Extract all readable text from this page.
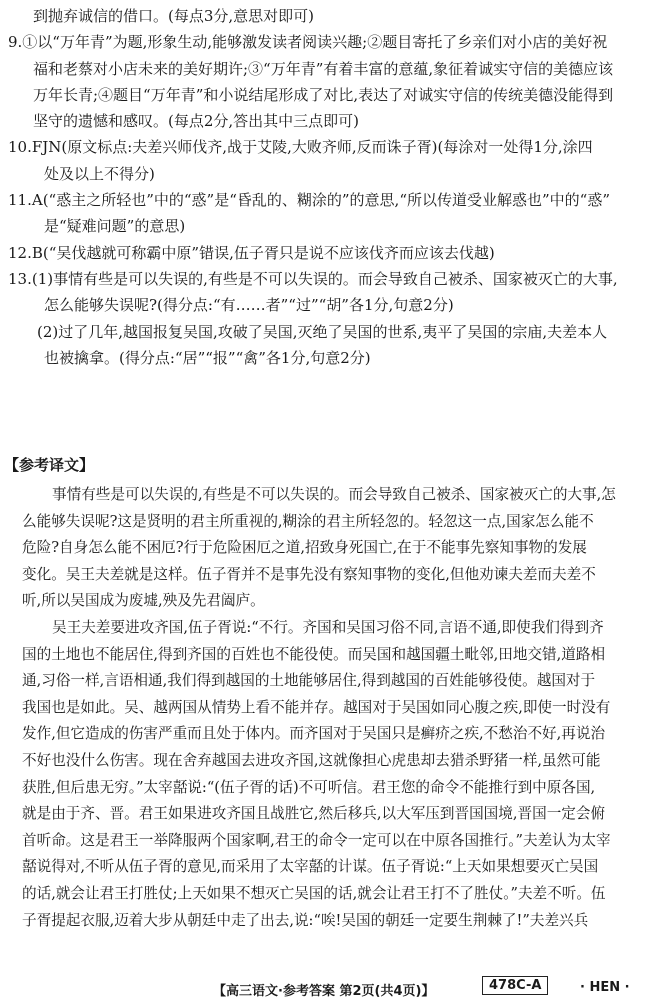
到抛弃诚信的借口。(每点3分,意思对即可)
9.①以“万年青”为题,形象生动,能够激发读者阅读兴趣;②题目寄托了乡亲们对小店的美好祝
福和老蔡对小店未来的美好期许;③“万年青”有着丰富的意蕴,象征着诚实守信的美德应该
万年长青;④题目“万年青”和小说结尾形成了对比,表达了对诚实守信的传统美德没能得到
坚守的遗憾和感叹。(每点2分,答出其中三点即可)
10.FJN(原文标点:夫差兴师伐齐,战于艾陵,大败齐师,反而诛子胥)(每涂对一处得1分,涂四
处及以上不得分)
11.A(“惑主之所轻也”中的“惑”是“昏乱的、糊涂的”的意思,“所以传道受业解惑也”中的“惑”
是“疑难问题”的意思)
12.B(“吴伐越就可称霸中原”错误,伍子胥只是说不应该伐齐而应该去伐越)
13.(1)事情有些是可以失误的,有些是不可以失误的。而会导致自己被杀、国家被灭亡的大事,
怎么能够失误呢?(得分点:“有……者”“过”“胡”各1分,句意2分)
(2)过了几年,越国报复吴国,攻破了吴国,灭绝了吴国的世系,夷平了吴国的宗庙,夫差本人
也被擒拿。(得分点:“居”“报”“禽”各1分,句意2分)
【参考译文】
事情有些是可以失误的,有些是不可以失误的。而会导致自己被杀、国家被灭亡的大事,怎
么能够失误呢?这是贤明的君主所重视的,糊涂的君主所轻忽的。轻忽这一点,国家怎么能不
危险?自身怎么能不困厄?行于危险困厄之道,招致身死国亡,在于不能事先察知事物的发展
变化。吴王夫差就是这样。伍子胥并不是事先没有察知事物的变化,但他劝谏夫差而夫差不
听,所以吴国成为废墟,殃及先君阖庐。
吴王夫差要进攻齐国,伍子胥说:“不行。齐国和吴国习俗不同,言语不通,即使我们得到齐
国的土地也不能居住,得到齐国的百姓也不能役使。而吴国和越国疆土毗邻,田地交错,道路相
通,习俗一样,言语相通,我们得到越国的土地能够居住,得到越国的百姓能够役使。越国对于
我国也是如此。吴、越两国从情势上看不能并存。越国对于吴国如同心腹之疾,即使一时没有
发作,但它造成的伤害严重而且处于体内。而齐国对于吴国只是癣疥之疾,不愁治不好,再说治
不好也没什么伤害。现在舍弃越国去进攻齐国,这就像担心虎患却去猎杀野猪一样,虽然可能
获胜,但后患无穷。”太宰嚭说:“(伍子胥的话)不可听信。君王您的命令不能推行到中原各国,
就是由于齐、晋。君王如果进攻齐国且战胜它,然后移兵,以大军压到晋国国境,晋国一定会俯
首听命。这是君王一举降服两个国家啊,君王的命令一定可以在中原各国推行。”夫差认为太宰
嚭说得对,不听从伍子胥的意见,而采用了太宰嚭的计谋。伍子胥说:“上天如果想要灭亡吴国
的话,就会让君王打胜仗;上天如果不想灭亡吴国的话,就会让君王打不了胜仗。”夫差不听。伍
子胥提起衣服,迈着大步从朝廷中走了出去,说:“唉!吴国的朝廷一定要生荆棘了!”夫差兴兵
【高三语文·参考答案 第2页(共4页)】	478C-A	· HEN ·
